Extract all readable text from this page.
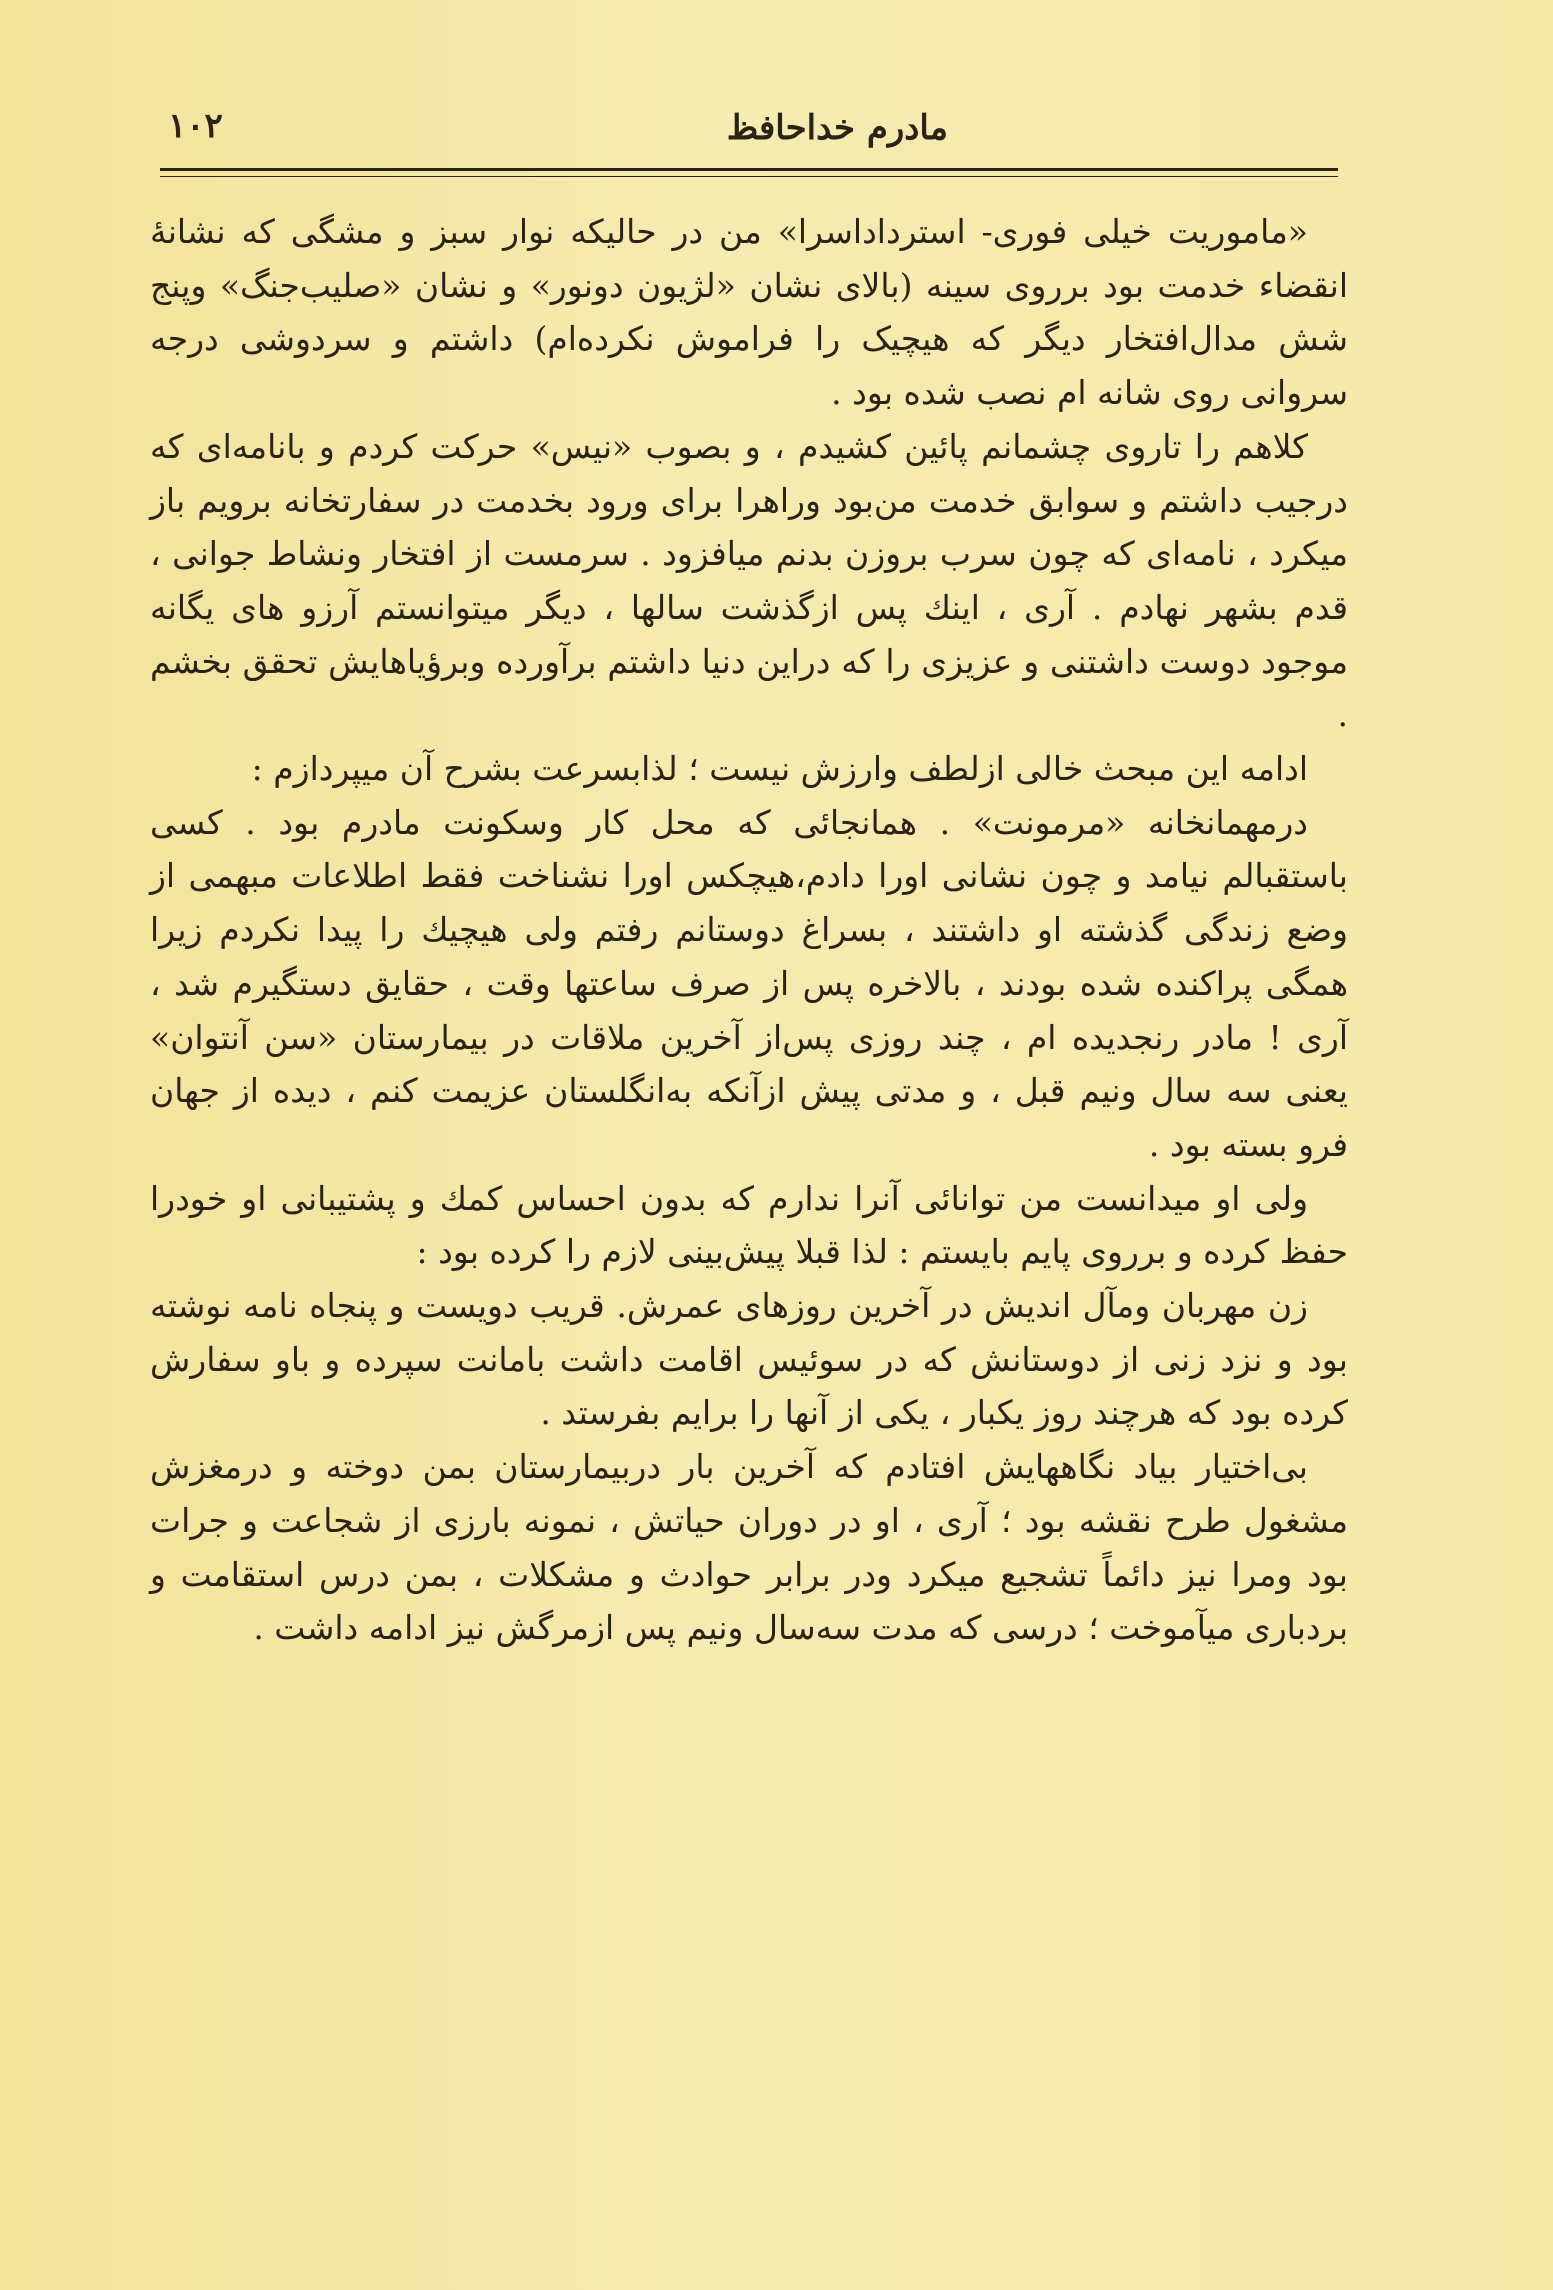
مادرم خداحافظ
۱۰۲

«ماموریت خیلی فوری- استردادا‌سرا» من در حالیکه نوار سبز و مشگی که نشانهٔ انقضاء خدمت بود برروی سینه (بالای نشان «لژیون دونور» و نشان «صلیب‌جنگ» وپنج شش مدال‌افتخار دیگر که هیچیک را فراموش نکرده‌ام) داشتم و سردوشی درجه سروانی روی شانه ام نصب شده بود .

کلاهم را تاروی چشمانم پائین کشیدم ، و بصوب «نیس» حرکت کردم و بانامه‌ای که درجیب داشتم و سوابق خدمت من‌بود وراهرا برای ورود بخدمت در سفارتخانه برویم باز میکرد ، نامه‌ای که چون سرب بروزن بدنم میافزود . سرمست از افتخار ونشاط جوانی ، قدم بشهر نهادم . آری ، اینك پس ازگذشت سالها ، دیگر میتوانستم آرزو های یگانه موجود دوست داشتنی و عزیزی را که دراین دنیا داشتم برآورده وبرؤیاهایش تحقق بخشم .

ادامه این مبحث خالی ازلطف وارزش نیست ؛ لذابسرعت بشرح آن میپردازم :

درمهمانخانه «مرمونت» . همانجائی که محل کار وسکونت مادرم بود . کسی باستقبالم نیامد و چون نشانی اورا دادم،هیچکس اورا نشناخت فقط اطلاعات مبهمی از وضع زندگی گذشته او داشتند ، بسراغ دوستانم رفتم ولی هیچیك را پیدا نکردم زیرا همگی پراکنده شده بودند ، بالاخره پس از صرف ساعتها وقت ، حقایق دستگیرم شد ، آری ! مادر رنجدیده ام ، چند روزی پس‌از آخرین ملاقات در بیمارستان «سن آنتوان» یعنی سه سال ونیم قبل ، و مدتی پیش ازآنکه به‌انگلستان عزیمت کنم ، دیده از جهان فرو بسته بود .

ولی او میدانست من توانائی آنرا ندارم که بدون احساس کمك و پشتیبانی او خودرا حفظ کرده و برروی پایم بایستم : لذا قبلا پیش‌بینی لازم را کرده بود :

زن مهربان ومآل اندیش در آخرین روزهای عمرش. قریب دویست و پنجاه نامه نوشته بود و نزد زنی از دوستانش که در سوئیس اقامت داشت بامانت سپرده و باو سفارش کرده بود که هرچند روز یکبار ، یکی از آنها را برایم بفرستد .

بی‌اختیار بیاد نگاههایش افتادم که آخرین بار دربیمارستان بمن دوخته و درمغزش مشغول طرح نقشه بود ؛ آری ، او در دوران حیاتش ، نمونه بارزی از شجاعت و جرات بود ومرا نیز دائماً تشجیع میکرد ودر برابر حوادث و مشکلات ، بمن درس استقامت و بردباری میآموخت ؛ درسی که مدت سه‌سال ونیم پس ازمرگش نیز ادامه داشت .
